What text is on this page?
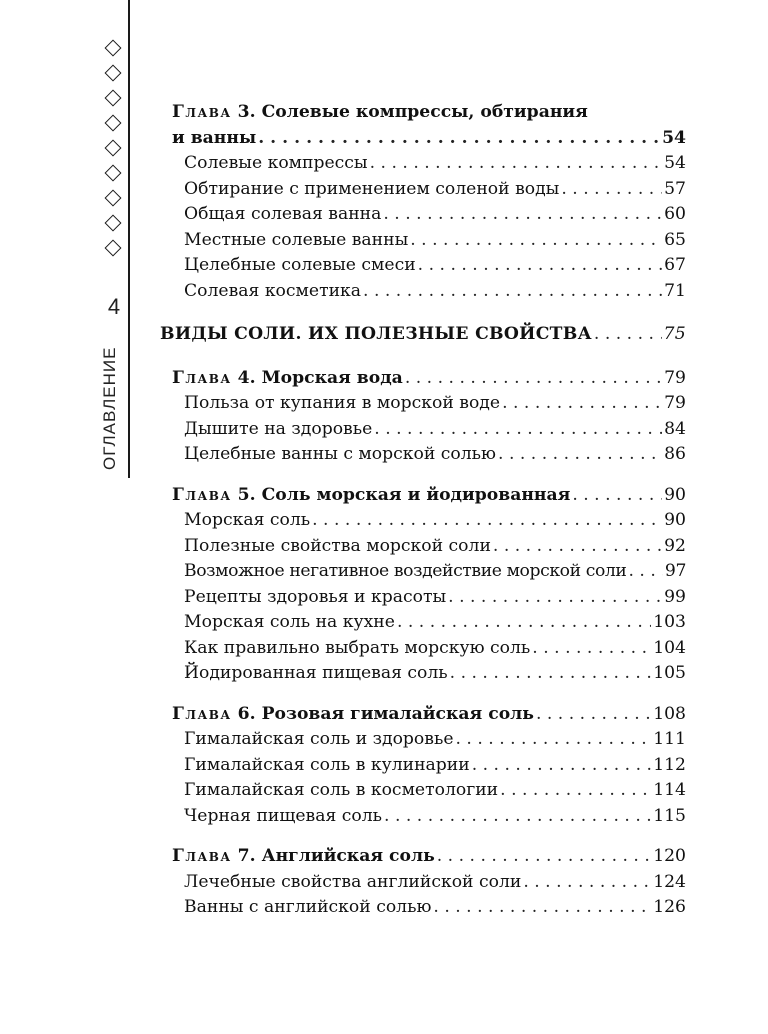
4
ОГЛАВЛЕНИЕ
Глава 3. Солевые компрессы, обтирания
и ванны . . .	54
Солевые компрессы . . .	54
Обтирание с применением соленой воды . . .	57
Общая солевая ванна . . .	60
Местные солевые ванны . . .	65
Целебные солевые смеси . . .	67
Солевая косметика . . .	71
ВИДЫ СОЛИ. ИХ ПОЛЕЗНЫЕ СВОЙСТВА . . .	75
Глава 4. Морская вода . . .	79
Польза от купания в морской воде . . .	79
Дышите на здоровье . . .	84
Целебные ванны с морской солью . . .	86
Глава 5. Соль морская и йодированная . . .	90
Морская соль . . .	90
Полезные свойства морской соли . . .	92
Возможное негативное воздействие морской соли . . . 97
Рецепты здоровья и красоты . . .	99
Морская соль на кухне . . .	103
Как правильно выбрать морскую соль . . .	104
Йодированная пищевая соль . . .	105
Глава 6. Розовая гималайская соль . . .	108
Гималайская соль и здоровье . . .	111
Гималайская соль в кулинарии . . .	112
Гималайская соль в косметологии . . .	114
Черная пищевая соль . . .	115
Глава 7. Английская соль . . .	120
Лечебные свойства английской соли . . .	124
Ванны с английской солью . . .	126
